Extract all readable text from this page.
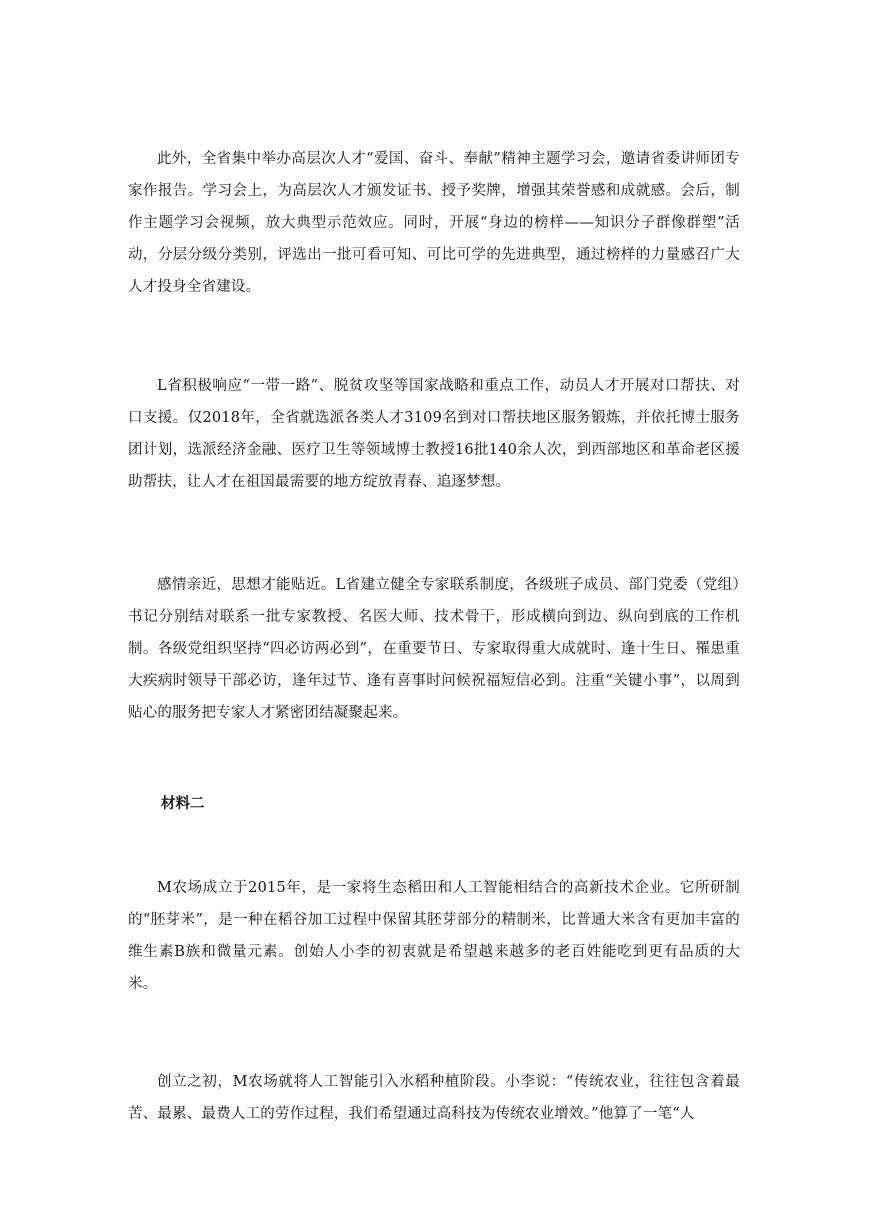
此外，全省集中举办高层次人才“爱国、奋斗、奉献”精神主题学习会，邀请省委讲师团专家作报告。学习会上，为高层次人才颁发证书、授予奖牌，增强其荣誉感和成就感。会后，制作主题学习会视频，放大典型示范效应。同时，开展“身边的榜样——知识分子群像群塑”活动，分层分级分类别，评选出一批可看可知、可比可学的先进典型，通过榜样的力量感召广大人才投身全省建设。

L省积极响应“一带一路”、脱贫攻坚等国家战略和重点工作，动员人才开展对口帮扶、对口支援。仅2018年，全省就选派各类人才3109名到对口帮扶地区服务锻炼，并依托博士服务团计划，选派经济金融、医疗卫生等领域博士教授16批140余人次，到西部地区和革命老区援助帮扶，让人才在祖国最需要的地方绽放青春、追逐梦想。

感情亲近，思想才能贴近。L省建立健全专家联系制度，各级班子成员、部门党委（党组）书记分别结对联系一批专家教授、名医大师、技术骨干，形成横向到边、纵向到底的工作机制。各级党组织坚持“四必访两必到”，在重要节日、专家取得重大成就时、逢十生日、罹患重大疾病时领导干部必访，逢年过节、逢有喜事时问候祝福短信必到。注重“关键小事”，以周到贴心的服务把专家人才紧密团结凝聚起来。

材料二

M农场成立于2015年，是一家将生态稻田和人工智能相结合的高新技术企业。它所研制的“胚芽米”，是一种在稻谷加工过程中保留其胚芽部分的精制米，比普通大米含有更加丰富的维生素B族和微量元素。创始人小李的初衷就是希望越来越多的老百姓能吃到更有品质的大米。

创立之初，M农场就将人工智能引入水稻种植阶段。小李说：“传统农业，往往包含着最苦、最累、最费人工的劳作过程，我们希望通过高科技为传统农业增效。”他算了一笔“人
